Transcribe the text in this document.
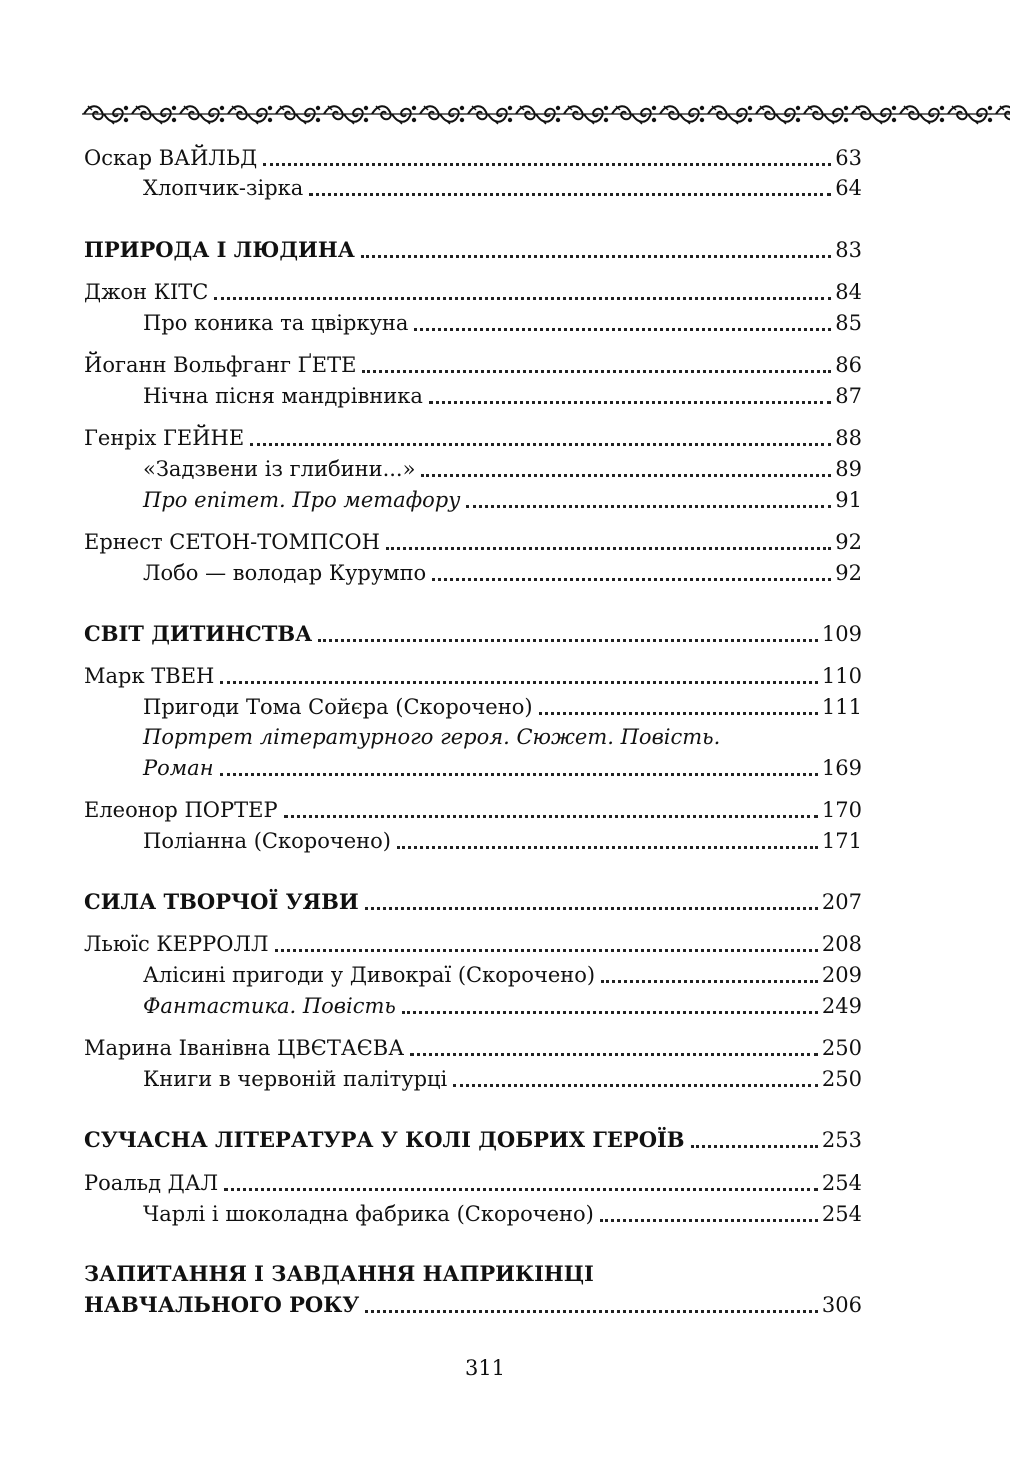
Оскар ВАЙЛЬД	63
Хлопчик-зірка	64
ПРИРОДА І ЛЮДИНА	83
Джон КІТС	84
Про коника та цвіркуна	85
Йоганн Вольфганг ҐЕТЕ	86
Нічна пісня мандрівника	87
Генріх ГЕЙНЕ	88
«Задзвени із глибини...»	89
Про епітет. Про метафору	91
Ернест СЕТОН-ТОМПСОН	92
Лобо — володар Курумпо	92
СВІТ ДИТИНСТВА	109
Марк ТВЕН	110
Пригоди Тома Сойєра (Скорочено)	111
Портрет літературного героя. Сюжет. Повість.
Роман	169
Елеонор ПОРТЕР	170
Поліанна (Скорочено)	171
СИЛА ТВОРЧОЇ УЯВИ	207
Льюїс КЕРРОЛЛ	208
Алісині пригоди у Дивокраї (Скорочено)	209
Фантастика. Повість	249
Марина Іванівна ЦВЄТАЄВА	250
Книги в червоній палітурці	250
СУЧАСНА ЛІТЕРАТУРА У КОЛІ ДОБРИХ ГЕРОЇВ	253
Роальд ДАЛ	254
Чарлі і шоколадна фабрика (Скорочено)	254
ЗАПИТАННЯ І ЗАВДАННЯ НАПРИКІНЦІ
НАВЧАЛЬНОГО РОКУ	306
311
